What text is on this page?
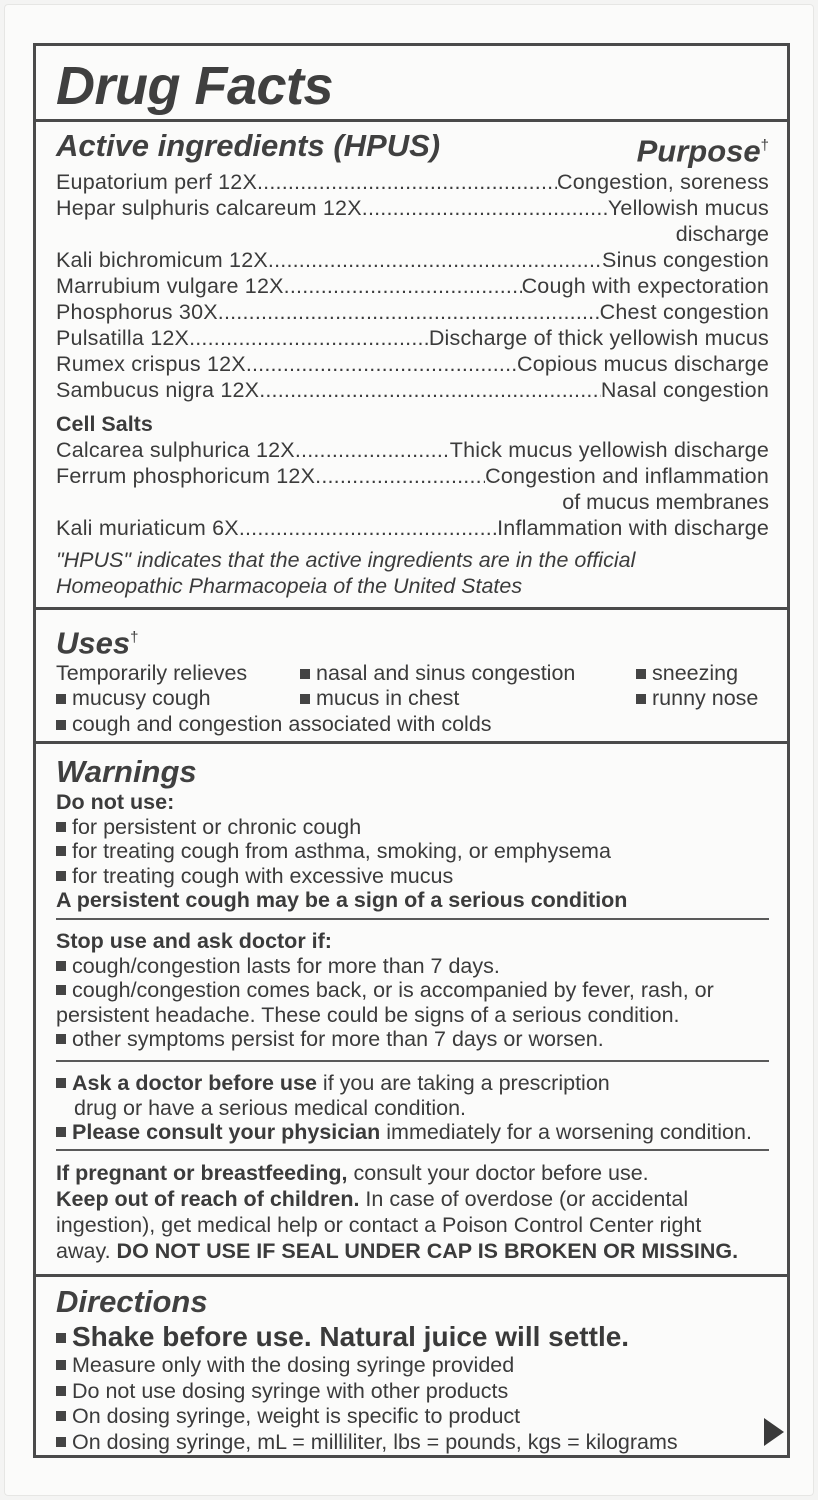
Drug Facts
Active ingredients (HPUS)	Purpose†
Eupatorium perf 12X .....	Congestion, soreness
Hepar sulphuris calcareum 12X .....	Yellowish mucus
discharge
Kali bichromicum 12X .....	Sinus congestion
Marrubium vulgare 12X .....	Cough with expectoration
Phosphorus 30X .....	Chest congestion
Pulsatilla 12X .....	Discharge of thick yellowish mucus
Rumex crispus 12X .....	Copious mucus discharge
Sambucus nigra 12X .....	Nasal congestion
Cell Salts
Calcarea sulphurica 12X .....	Thick mucus yellowish discharge
Ferrum phosphoricum 12X .....	Congestion and inflammation
of mucus membranes
Kali muriaticum 6X .....	Inflammation with discharge
"HPUS" indicates that the active ingredients are in the official
Homeopathic Pharmacopeia of the United States
Uses†
Temporarily relieves	nasal and sinus congestion	sneezing
mucusy cough	mucus in chest	runny nose
cough and congestion associated with colds
Warnings
Do not use:
for persistent or chronic cough
for treating cough from asthma, smoking, or emphysema
for treating cough with excessive mucus
A persistent cough may be a sign of a serious condition
Stop use and ask doctor if:
cough/congestion lasts for more than 7 days.
cough/congestion comes back, or is accompanied by fever, rash, or
persistent headache. These could be signs of a serious condition.
other symptoms persist for more than 7 days or worsen.
Ask a doctor before use if you are taking a prescription
drug or have a serious medical condition.
Please consult your physician immediately for a worsening condition.
If pregnant or breastfeeding, consult your doctor before use.
Keep out of reach of children. In case of overdose (or accidental
ingestion), get medical help or contact a Poison Control Center right
away. DO NOT USE IF SEAL UNDER CAP IS BROKEN OR MISSING.
Directions
Shake before use. Natural juice will settle.
Measure only with the dosing syringe provided
Do not use dosing syringe with other products
On dosing syringe, weight is specific to product
On dosing syringe, mL = milliliter, lbs = pounds, kgs = kilograms
